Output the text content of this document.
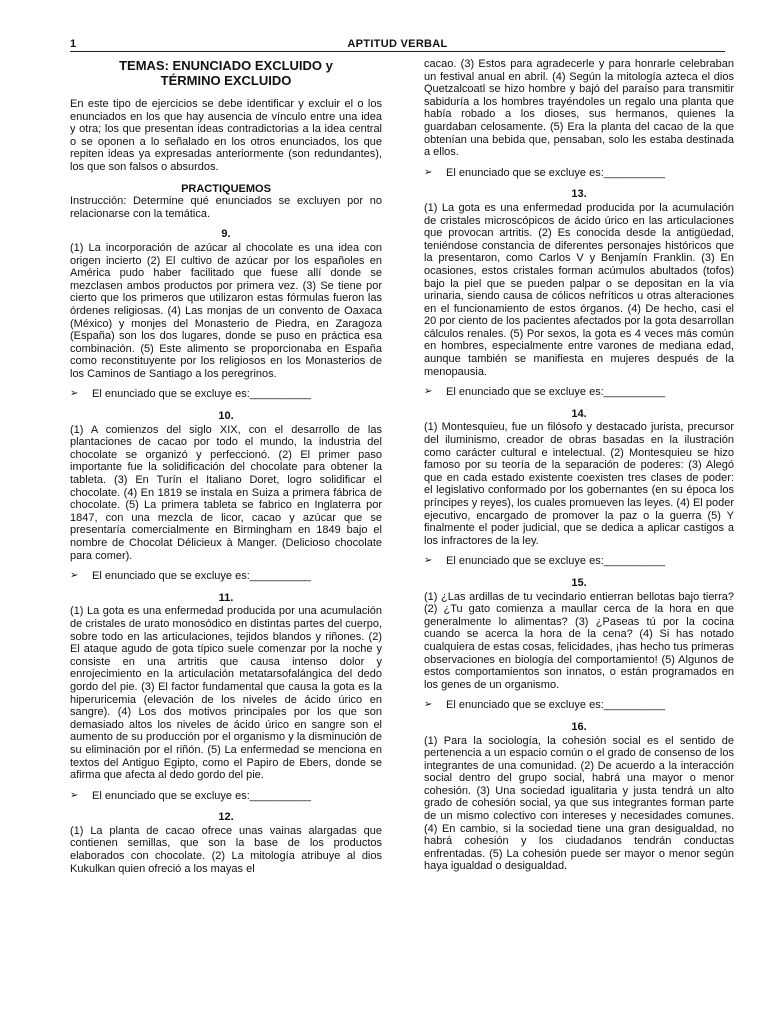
1	APTITUD VERBAL
TEMAS: ENUNCIADO EXCLUIDO y
TÉRMINO EXCLUIDO

En este tipo de ejercicios se debe identificar y excluir el o los enunciados en los que hay ausencia de vínculo entre una idea y otra; los que presentan ideas contradictorias a la idea central o se oponen a lo señalado en los otros enunciados, los que repiten ideas ya expresadas anteriormente (son redundantes), los que son falsos o absurdos.

PRACTIQUEMOS

Instrucción: Determine qué enunciados se excluyen por no relacionarse con la temática.

9.

(1) La incorporación de azúcar al chocolate es una idea con origen incierto (2) El cultivo de azúcar por los españoles en América pudo haber facilitado que fuese allí donde se mezclasen ambos productos por primera vez. (3) Se tiene por cierto que los primeros que utilizaron estas fórmulas fueron las órdenes religiosas. (4) Las monjas de un convento de Oaxaca (México) y monjes del Monasterio de Piedra, en Zaragoza (España) son los dos lugares, donde se puso en práctica esa combinación. (5) Este alimento se proporcionaba en España como reconstituyente por los religiosos en los Monasterios de los Caminos de Santiago a los peregrinos.

➢	El enunciado que se excluye es:__________
10.

(1) A comienzos del siglo XIX, con el desarrollo de las plantaciones de cacao por todo el mundo, la industria del chocolate se organizó y perfeccionó. (2) El primer paso importante fue la solidificación del chocolate para obtener la tableta. (3) En Turín el Italiano Doret, logro solidificar el chocolate. (4) En 1819 se instala en Suiza a primera fábrica de chocolate. (5) La primera tableta se fabrico en Inglaterra por 1847, con una mezcla de licor, cacao y azúcar que se presentaría comercialmente en Birmingham en 1849 bajo el nombre de Chocolat Délicieux à Manger. (Delicioso chocolate para comer).

➢	El enunciado que se excluye es:__________
11.

(1) La gota es una enfermedad producida por una acumulación de cristales de urato monosódico en distintas partes del cuerpo, sobre todo en las articulaciones, tejidos blandos y riñones. (2) El ataque agudo de gota típico suele comenzar por la noche y consiste en una artritis que causa intenso dolor y enrojecimiento en la articulación metatarsofalángica del dedo gordo del pie. (3) El factor fundamental que causa la gota es la hiperuricemia (elevación de los niveles de ácido úrico en sangre). (4) Los dos motivos principales por los que son demasiado altos los niveles de ácido úrico en sangre son el aumento de su producción por el organismo y la disminución de su eliminación por el riñón. (5) La enfermedad se menciona en textos del Antiguo Egipto, como el Papiro de Ebers, donde se afirma que afecta al dedo gordo del pie.

➢	El enunciado que se excluye es:__________
12.

(1) La planta de cacao ofrece unas vainas alargadas que contienen semillas, que son la base de los productos elaborados con chocolate. (2) La mitología atribuye al dios Kukulkan quien ofreció a los mayas el

cacao. (3) Estos para agradecerle y para honrarle celebraban un festival anual en abril. (4) Según la mitología azteca el dios Quetzalcoatl se hizo hombre y bajó del paraíso para transmitir sabiduría a los hombres trayéndoles un regalo una planta que había robado a los dioses, sus hermanos, quienes la guardaban celosamente. (5) Era la planta del cacao de la que obtenían una bebida que, pensaban, solo les estaba destinada a ellos.

➢	El enunciado que se excluye es:__________
13.

(1) La gota es una enfermedad producida por la acumulación de cristales microscópicos de ácido úrico en las articulaciones que provocan artritis. (2) Es conocida desde la antigüedad, teniéndose constancia de diferentes personajes históricos que la presentaron, como Carlos V y Benjamín Franklin. (3) En ocasiones, estos cristales forman acúmulos abultados (tofos) bajo la piel que se pueden palpar o se depositan en la vía urinaria, siendo causa de cólicos nefríticos u otras alteraciones en el funcionamiento de estos órganos. (4) De hecho, casi el 20 por ciento de los pacientes afectados por la gota desarrollan cálculos renales. (5) Por sexos, la gota es 4 veces más común en hombres, especialmente entre varones de mediana edad, aunque también se manifiesta en mujeres después de la menopausia.

➢	El enunciado que se excluye es:__________
14.

(1) Montesquieu, fue un filósofo y destacado jurista, precursor del iluminismo, creador de obras basadas en la ilustración como carácter cultural e intelectual. (2) Montesquieu se hizo famoso por su teoría de la separación de poderes: (3) Alegó que en cada estado existente coexisten tres clases de poder: el legislativo conformado por los gobernantes (en su época los príncipes y reyes), los cuales promueven las leyes. (4) El poder ejecutivo, encargado de promover la paz o la guerra (5) Y finalmente el poder judicial, que se dedica a aplicar castigos a los infractores de la ley.

➢	El enunciado que se excluye es:__________
15.

(1) ¿Las ardillas de tu vecindario entierran bellotas bajo tierra? (2) ¿Tu gato comienza a maullar cerca de la hora en que generalmente lo alimentas? (3) ¿Paseas tú por la cocina cuando se acerca la hora de la cena? (4) Si has notado cualquiera de estas cosas, felicidades, ¡has hecho tus primeras observaciones en biología del comportamiento! (5) Algunos de estos comportamientos son innatos, o están programados en los genes de un organismo.

➢	El enunciado que se excluye es:__________
16.

(1) Para la sociología, la cohesión social es el sentido de pertenencia a un espacio común o el grado de consenso de los integrantes de una comunidad. (2) De acuerdo a la interacción social dentro del grupo social, habrá una mayor o menor cohesión. (3) Una sociedad igualitaria y justa tendrá un alto grado de cohesión social, ya que sus integrantes forman parte de un mismo colectivo con intereses y necesidades comunes. (4) En cambio, si la sociedad tiene una gran desigualdad, no habrá cohesión y los ciudadanos tendrán conductas enfrentadas. (5) La cohesión puede ser mayor o menor según haya igualdad o desigualdad.
